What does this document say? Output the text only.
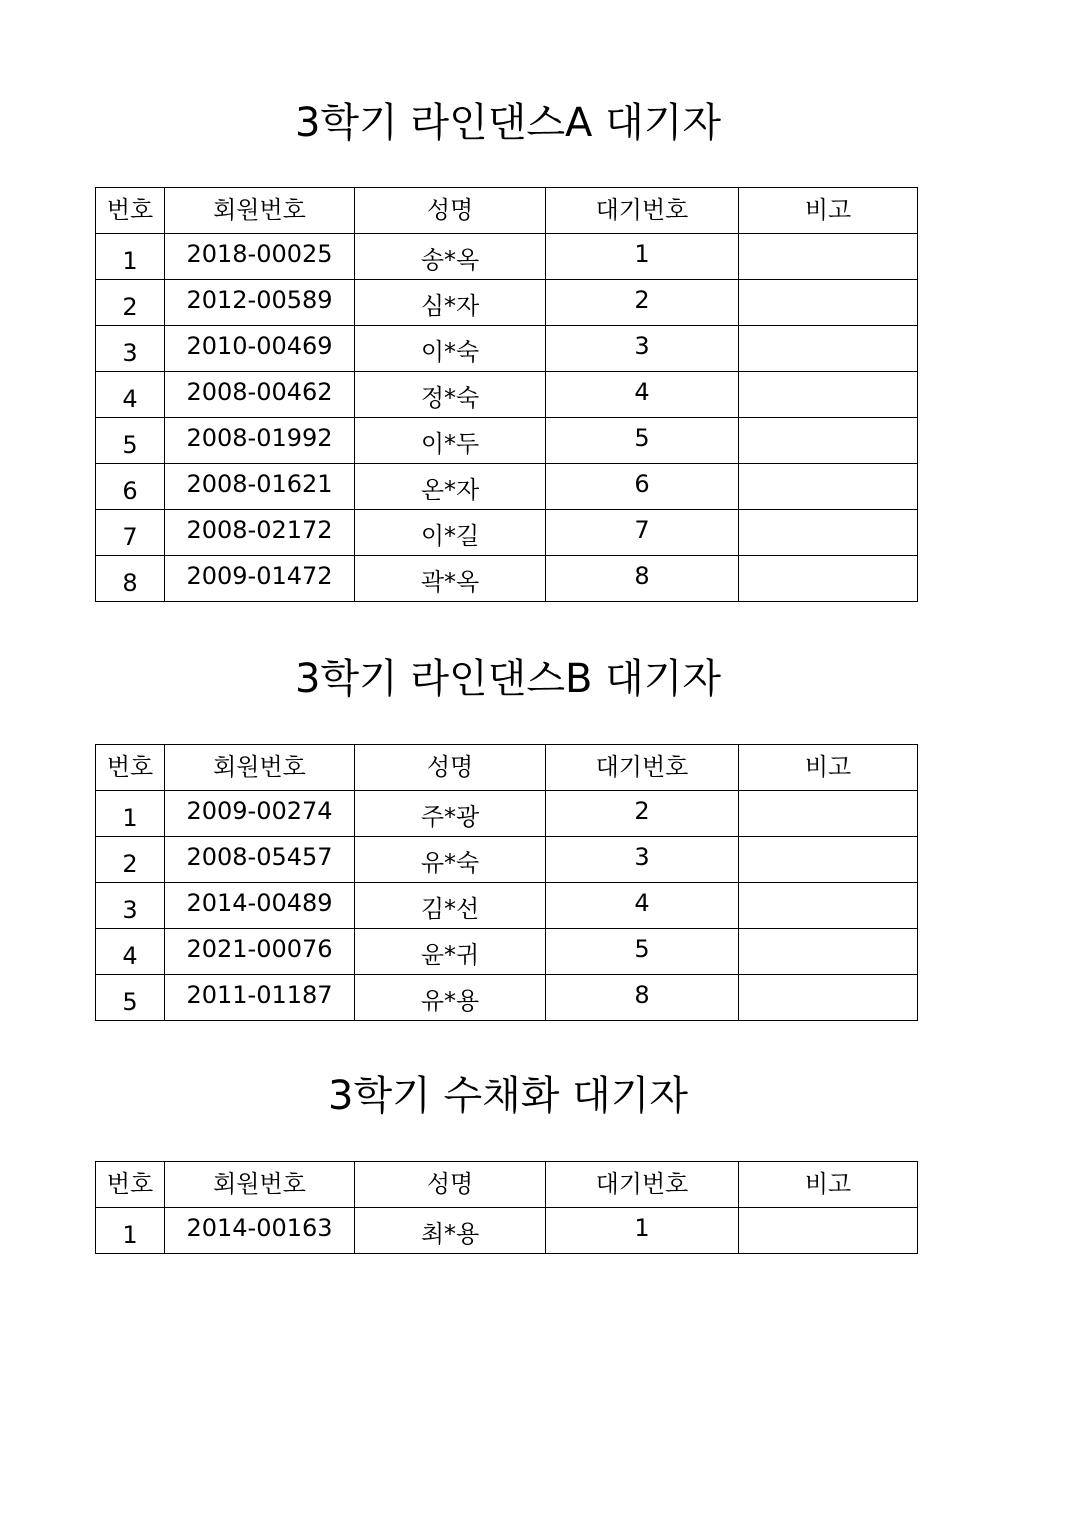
3학기 라인댄스A 대기자
번호	회원번호	성명	대기번호	비고
1	2018-00025	송*옥	1	
2	2012-00589	심*자	2	
3	2010-00469	이*숙	3	
4	2008-00462	정*숙	4	
5	2008-01992	이*두	5	
6	2008-01621	온*자	6	
7	2008-02172	이*길	7	
8	2009-01472	곽*옥	8	
3학기 라인댄스B 대기자
번호	회원번호	성명	대기번호	비고
1	2009-00274	주*광	2	
2	2008-05457	유*숙	3	
3	2014-00489	김*선	4	
4	2021-00076	윤*귀	5	
5	2011-01187	유*용	8	
3학기 수채화 대기자
번호	회원번호	성명	대기번호	비고
1	2014-00163	최*용	1	
